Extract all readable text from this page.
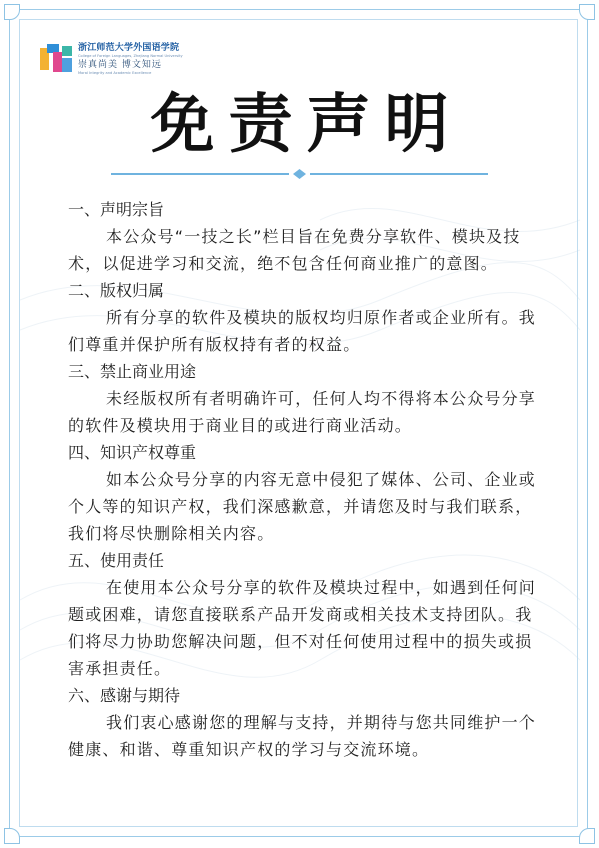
浙江师范大学外国语学院
College of Foreign Languages, Zhejiang Normal University
崇真尚美 博文知远
Moral Integrity and Academic Excellence
免责声明
一、声明宗旨
本公众号“一技之长”栏目旨在免费分享软件、模块及技术，以促进学习和交流，绝不包含任何商业推广的意图。
二、版权归属
所有分享的软件及模块的版权均归原作者或企业所有。我们尊重并保护所有版权持有者的权益。
三、禁止商业用途
未经版权所有者明确许可，任何人均不得将本公众号分享的软件及模块用于商业目的或进行商业活动。
四、知识产权尊重
如本公众号分享的内容无意中侵犯了媒体、公司、企业或个人等的知识产权，我们深感歉意，并请您及时与我们联系，我们将尽快删除相关内容。
五、使用责任
在使用本公众号分享的软件及模块过程中，如遇到任何问题或困难，请您直接联系产品开发商或相关技术支持团队。我们将尽力协助您解决问题，但不对任何使用过程中的损失或损害承担责任。
六、感谢与期待
我们衷心感谢您的理解与支持，并期待与您共同维护一个健康、和谐、尊重知识产权的学习与交流环境。
